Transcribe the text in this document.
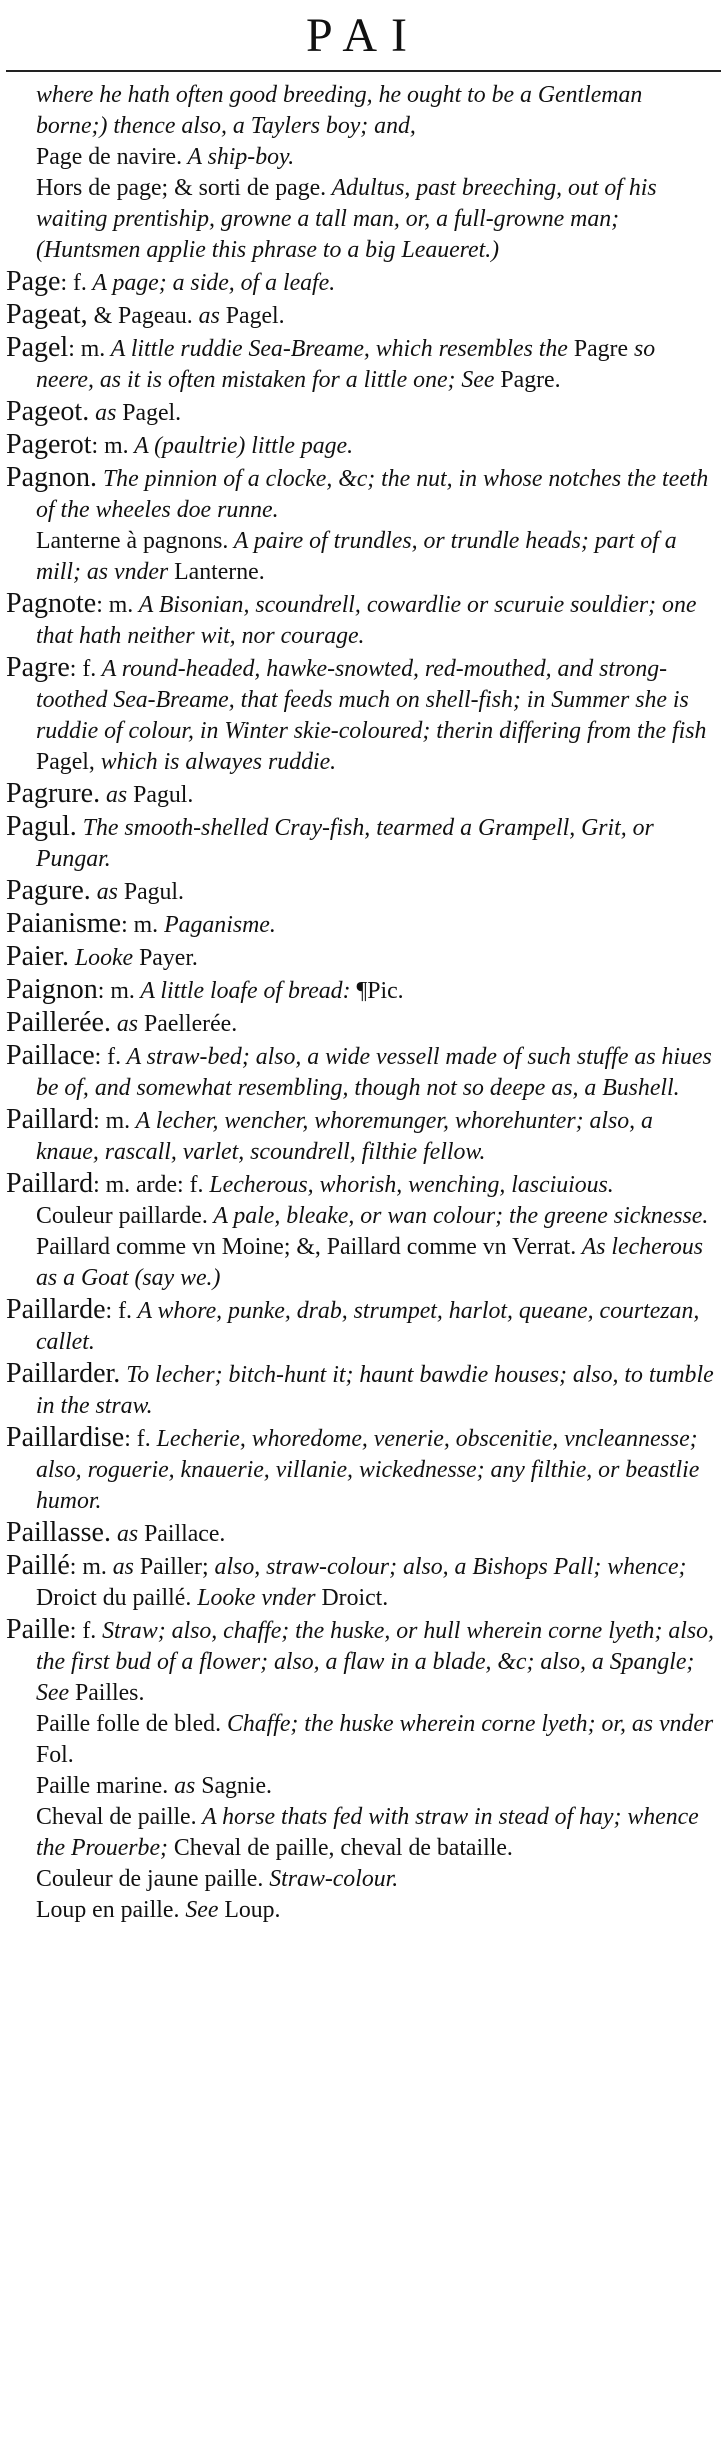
PAI

where he hath often good breeding, he ought to be a Gentleman borne;) thence also, a Taylers boy; and,

Page de navire. A ship-boy.

Hors de page; & sorti de page. Adultus, past breeching, out of his waiting prentiship, growne a tall man, or, a full-growne man; (Huntsmen applie this phrase to a big Leaueret.)

Page: f. A page; a side, of a leafe.

Pageat, & Pageau. as Pagel.

Pagel: m. A little ruddie Sea-Breame, which resembles the Pagre so neere, as it is often mistaken for a little one; See Pagre.

Pageot. as Pagel.

Pagerot: m. A (paultrie) little page.

Pagnon. The pinnion of a clocke, &c; the nut, in whose notches the teeth of the wheeles doe runne.

Lanterne à pagnons. A paire of trundles, or trundle heads; part of a mill; as vnder Lanterne.

Pagnote: m. A Bisonian, scoundrell, cowardlie or scuruie souldier; one that hath neither wit, nor courage.

Pagre: f. A round-headed, hawke-snowted, red-mouthed, and strong-toothed Sea-Breame, that feeds much on shell-fish; in Summer she is ruddie of colour, in Winter skie-coloured; therin differing from the fish Pagel, which is alwayes ruddie.

Pagrure. as Pagul.

Pagul. The smooth-shelled Cray-fish, tearmed a Grampell, Grit, or Pungar.

Pagure. as Pagul.

Paianisme: m. Paganisme.

Paier. Looke Payer.

Paignon: m. A little loafe of bread: ¶Pic.

Paillerée. as Paellerée.

Paillace: f. A straw-bed; also, a wide vessell made of such stuffe as hiues be of, and somewhat resembling, though not so deepe as, a Bushell.

Paillard: m. A lecher, wencher, whoremunger, whorehunter; also, a knaue, rascall, varlet, scoundrell, filthie fellow.

Paillard: m. arde: f. Lecherous, whorish, wenching, lasciuious.

Couleur paillarde. A pale, bleake, or wan colour; the greene sicknesse.

Paillard comme vn Moine; &, Paillard comme vn Verrat. As lecherous as a Goat (say we.)

Paillarde: f. A whore, punke, drab, strumpet, harlot, queane, courtezan, callet.

Paillarder. To lecher; bitch-hunt it; haunt bawdie houses; also, to tumble in the straw.

Paillardise: f. Lecherie, whoredome, venerie, obscenitie, vncleannesse; also, roguerie, knauerie, villanie, wickednesse; any filthie, or beastlie humor.

Paillasse. as Paillace.

Paillé: m. as Pailler; also, straw-colour; also, a Bishops Pall; whence;

Droict du paillé. Looke vnder Droict.

Paille: f. Straw; also, chaffe; the huske, or hull wherein corne lyeth; also, the first bud of a flower; also, a flaw in a blade, &c; also, a Spangle; See Pailles.

Paille folle de bled. Chaffe; the huske wherein corne lyeth; or, as vnder Fol.

Paille marine. as Sagnie.

Cheval de paille. A horse thats fed with straw in stead of hay; whence the Prouerbe; Cheval de paille, cheval de bataille.

Couleur de jaune paille. Straw-colour.

Loup en paille. See Loup.
